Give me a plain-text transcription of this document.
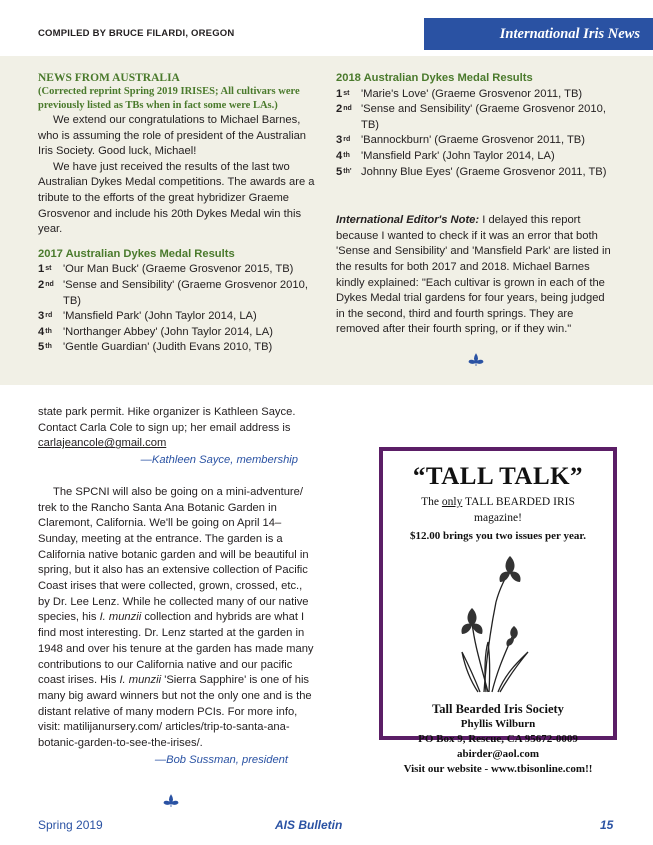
COMPILED BY BRUCE FILARDI, OREGON	International Iris News
NEWS FROM AUSTRALIA
(Corrected reprint Spring 2019 IRISES; All cultivars were previously listed as TBs when in fact some were LAs.)

We extend our congratulations to Michael Barnes, who is assuming the role of president of the Australian Iris Society. Good luck, Michael!

We have just received the results of the last two Australian Dykes Medal competitions. The awards are a tribute to the efforts of the great hybridizer Graeme Grosvenor and include his 20th Dykes Medal win this year.

2017 Australian Dykes Medal Results

1st	'Our Man Buck' (Graeme Grosvenor 2015, TB)
2nd 'Sense and Sensibility' (Graeme Grosvenor 2010, TB)
3rd 'Mansfield Park' (John Taylor 2014, LA)
4th 'Northanger Abbey' (John Taylor 2014, LA)
5th 'Gentle Guardian' (Judith Evans 2010, TB)

2018 Australian Dykes Medal Results

1st	'Marie's Love' (Graeme Grosvenor 2011, TB)
2nd 'Sense and Sensibility' (Graeme Grosvenor 2010, TB)
3rd 'Bannockburn' (Graeme Grosvenor 2011, TB)
4th 'Mansfield Park' (John Taylor 2014, LA)
$5^{th'}$ Johnny Blue Eyes' (Graeme Grosvenor 2011, TB)

International Editor's Note: I delayed this report because I wanted to check if it was an error that both 'Sense and Sensibility' and 'Mansfield Park' are listed in the results for both 2017 and 2018. Michael Barnes kindly explained: "Each cultivar is grown in each of the Dykes Medal trial gardens for four years, being judged in the second, third and fourth springs. They are removed after their fourth spring, or if they win."

state park permit. Hike organizer is Kathleen Sayce. Contact Carla Cole to sign up; her email address is carlajeancole@gmail.com

—Kathleen Sayce, membership

The SPCNI will also be going on a mini-adventure/ trek to the Rancho Santa Ana Botanic Garden in Claremont, California. We'll be going on April 14– Sunday, meeting at the entrance. The garden is a California native botanic garden and will be beautiful in spring, but it also has an extensive collection of Pacific Coast irises that were collected, grown, crossed, etc., by Dr. Lee Lenz. While he collected many of our native species, his I. munzii collection and hybrids are what I find most interesting. Dr. Lenz started at the garden in 1948 and over his tenure at the garden has made many contributions to our California native and our pacific coast irises. His I. munzii 'Sierra Sapphire' is one of his many big award winners but not the only one and is the distant relative of many modern PCIs. For more info, visit: matilijanursery.com/ articles/trip-to-santa-ana-botanic-garden-to-see-the-irises/.

—Bob Sussman, president

“TALL TALK”
The only TALL BEARDED IRIS
magazine!
$12.00 brings you two issues per year.
Tall Bearded Iris Society
Phyllis Wilburn
PO Box 9, Rescue, CA 95672-0009
abirder@aol.com
Visit our website - www.tbisonline.com!!
Spring 2019	AIS Bulletin	15
